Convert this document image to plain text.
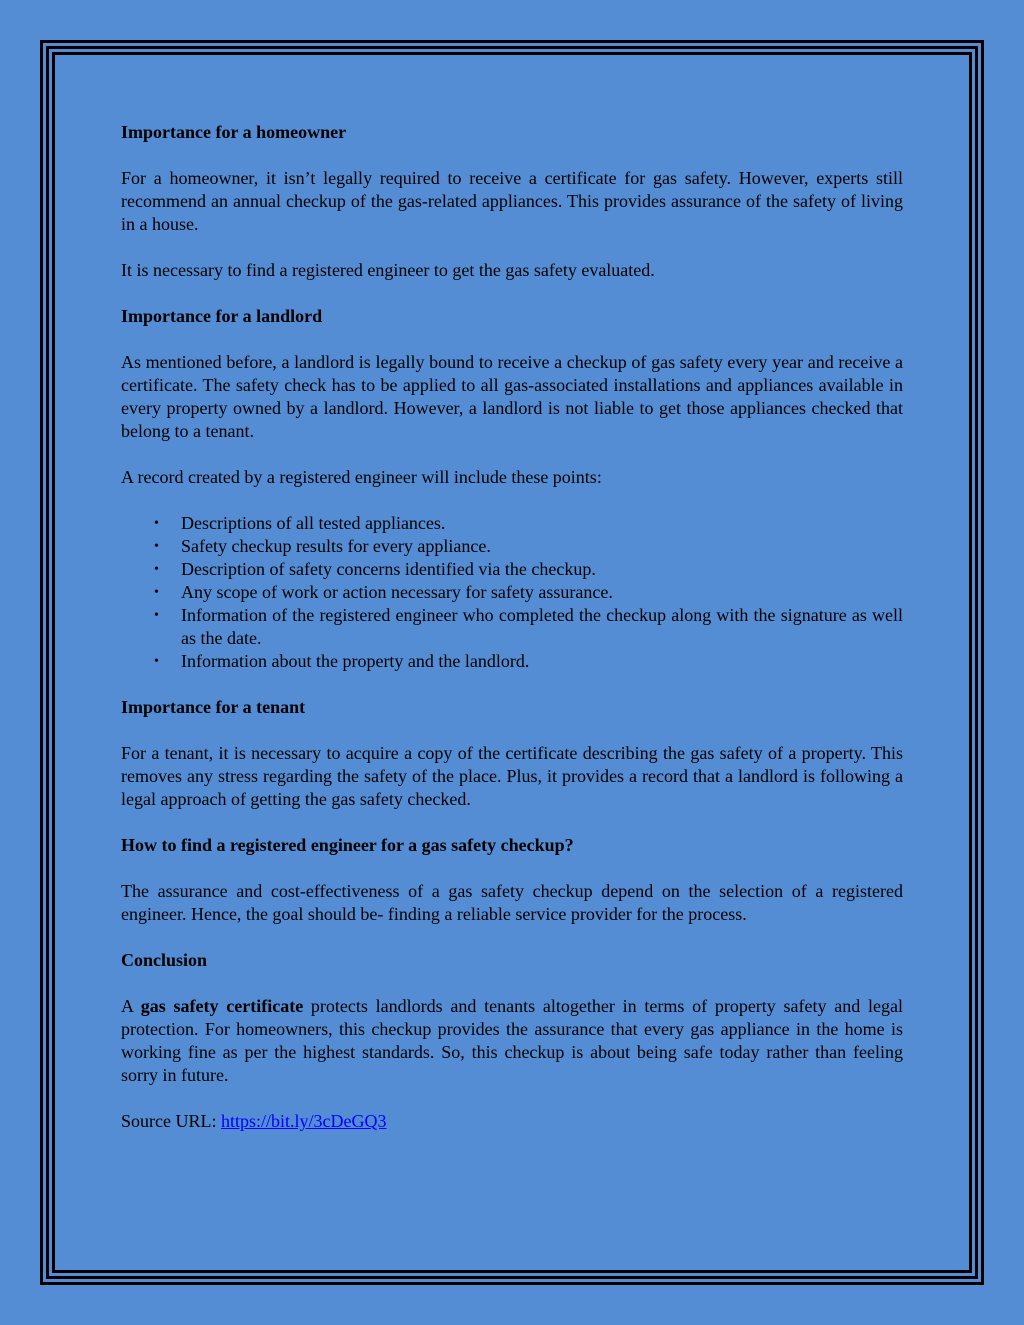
Importance for a homeowner

For a homeowner, it isn’t legally required to receive a certificate for gas safety. However, experts still recommend an annual checkup of the gas-related appliances. This provides assurance of the safety of living in a house.

It is necessary to find a registered engineer to get the gas safety evaluated.

Importance for a landlord

As mentioned before, a landlord is legally bound to receive a checkup of gas safety every year and receive a certificate. The safety check has to be applied to all gas-associated installations and appliances available in every property owned by a landlord. However, a landlord is not liable to get those appliances checked that belong to a tenant.

A record created by a registered engineer will include these points:

• Descriptions of all tested appliances.
• Safety checkup results for every appliance.
• Description of safety concerns identified via the checkup.
• Any scope of work or action necessary for safety assurance.
• Information of the registered engineer who completed the checkup along with the signature as well as the date.
• Information about the property and the landlord.
Importance for a tenant

For a tenant, it is necessary to acquire a copy of the certificate describing the gas safety of a property. This removes any stress regarding the safety of the place. Plus, it provides a record that a landlord is following a legal approach of getting the gas safety checked.

How to find a registered engineer for a gas safety checkup?

The assurance and cost-effectiveness of a gas safety checkup depend on the selection of a registered engineer. Hence, the goal should be- finding a reliable service provider for the process.

Conclusion

A gas safety certificate protects landlords and tenants altogether in terms of property safety and legal protection. For homeowners, this checkup provides the assurance that every gas appliance in the home is working fine as per the highest standards. So, this checkup is about being safe today rather than feeling sorry in future.

Source URL: https://bit.ly/3cDeGQ3
